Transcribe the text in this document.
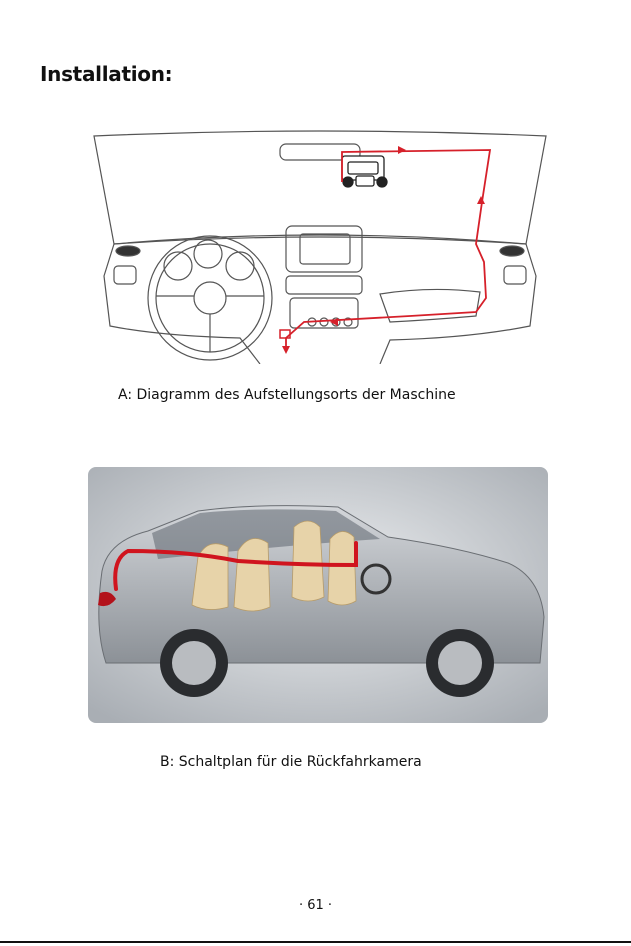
Installation:
A: Diagramm des Aufstellungsorts der Maschine
B: Schaltplan für die Rückfahrkamera
· 61 ·
